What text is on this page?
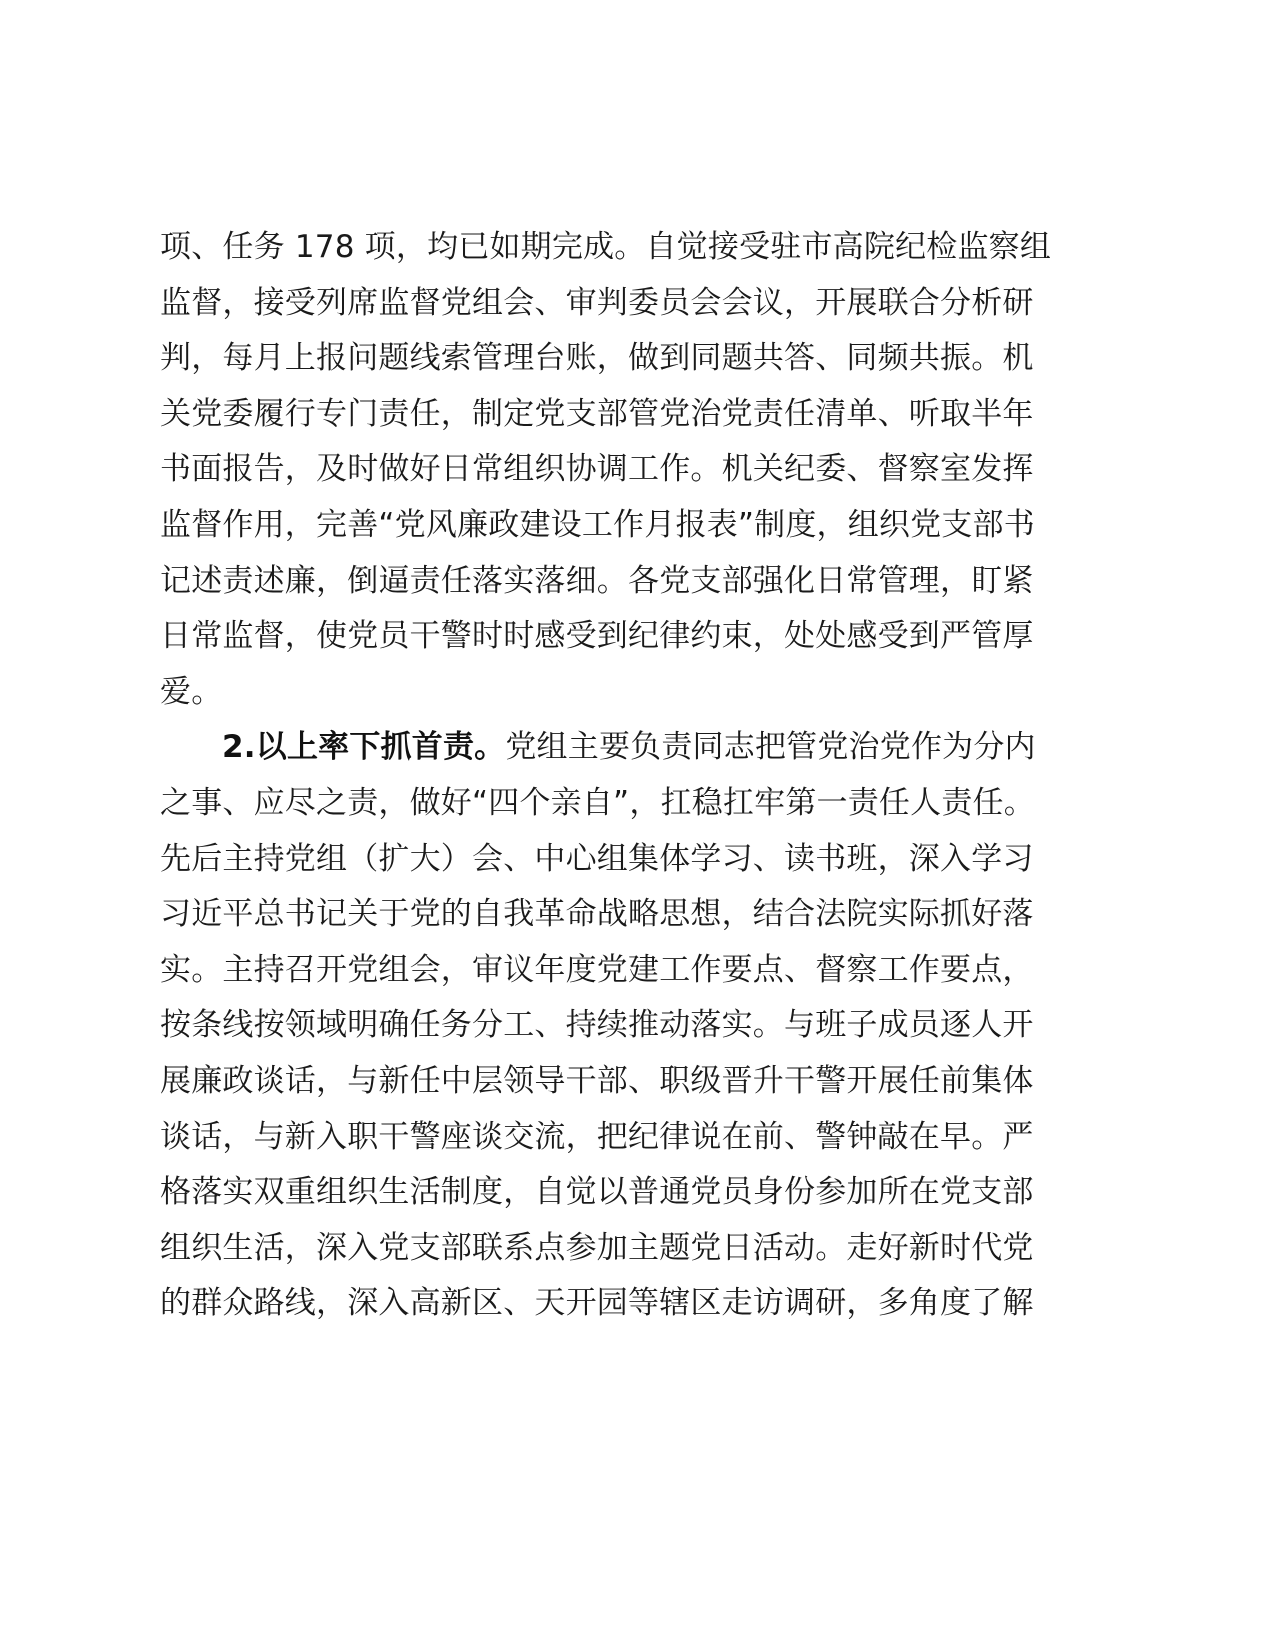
项、任务 178 项，均已如期完成。自觉接受驻市高院纪检监察组
监督，接受列席监督党组会、审判委员会会议，开展联合分析研
判，每月上报问题线索管理台账，做到同题共答、同频共振。机
关党委履行专门责任，制定党支部管党治党责任清单、听取半年
书面报告，及时做好日常组织协调工作。机关纪委、督察室发挥
监督作用，完善“党风廉政建设工作月报表”制度，组织党支部书
记述责述廉，倒逼责任落实落细。各党支部强化日常管理，盯紧
日常监督，使党员干警时时感受到纪律约束，处处感受到严管厚
爱。
2.以上率下抓首责。党组主要负责同志把管党治党作为分内
之事、应尽之责，做好“四个亲自”，扛稳扛牢第一责任人责任。
先后主持党组（扩大）会、中心组集体学习、读书班，深入学习
习近平总书记关于党的自我革命战略思想，结合法院实际抓好落
实。主持召开党组会，审议年度党建工作要点、督察工作要点，
按条线按领域明确任务分工、持续推动落实。与班子成员逐人开
展廉政谈话，与新任中层领导干部、职级晋升干警开展任前集体
谈话，与新入职干警座谈交流，把纪律说在前、警钟敲在早。严
格落实双重组织生活制度，自觉以普通党员身份参加所在党支部
组织生活，深入党支部联系点参加主题党日活动。走好新时代党
的群众路线，深入高新区、天开园等辖区走访调研，多角度了解
